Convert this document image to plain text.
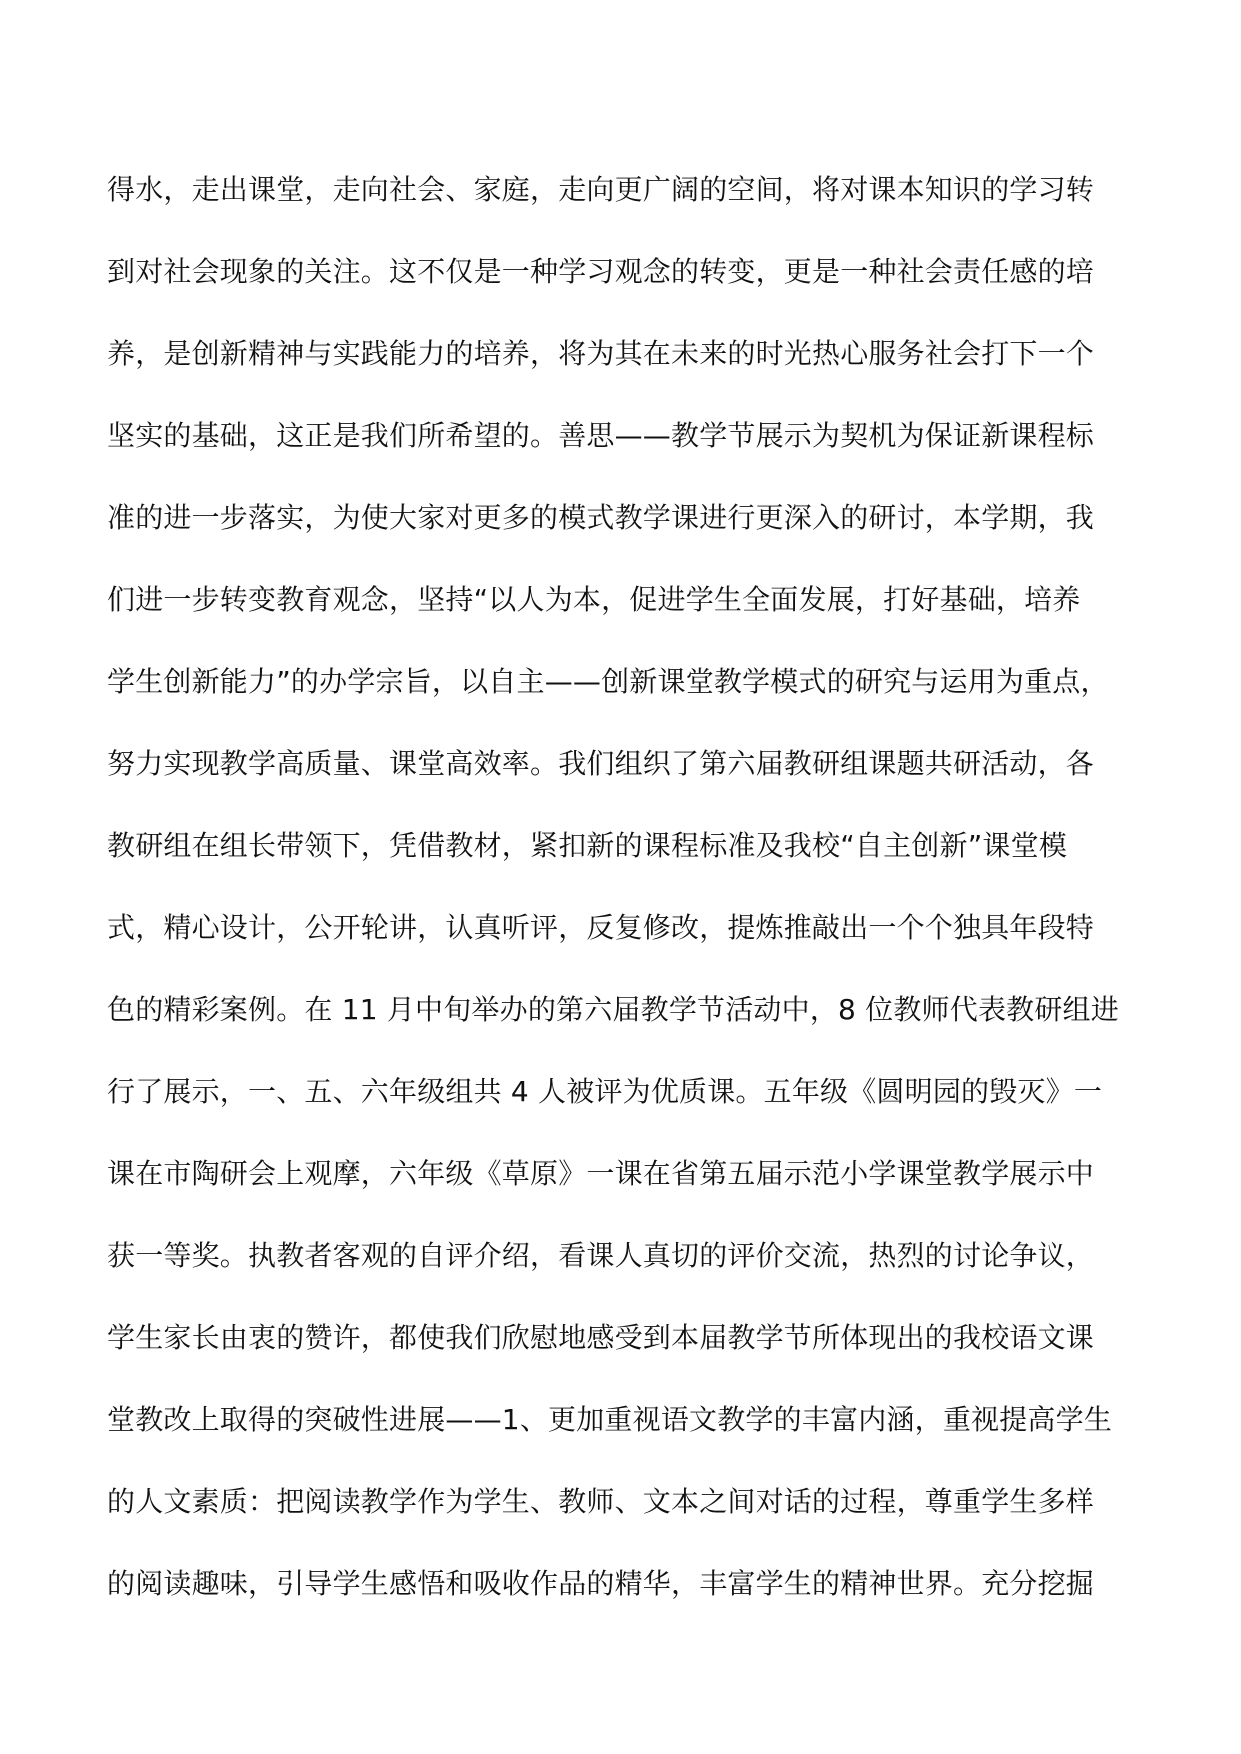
得水，走出课堂，走向社会、家庭，走向更广阔的空间，将对课本知识的学习转
到对社会现象的关注。这不仅是一种学习观念的转变，更是一种社会责任感的培
养，是创新精神与实践能力的培养，将为其在未来的时光热心服务社会打下一个
坚实的基础，这正是我们所希望的。善思——教学节展示为契机为保证新课程标
准的进一步落实，为使大家对更多的模式教学课进行更深入的研讨，本学期，我
们进一步转变教育观念，坚持“以人为本，促进学生全面发展，打好基础，培养
学生创新能力”的办学宗旨，以自主——创新课堂教学模式的研究与运用为重点，
努力实现教学高质量、课堂高效率。我们组织了第六届教研组课题共研活动，各
教研组在组长带领下，凭借教材，紧扣新的课程标准及我校“自主创新”课堂模
式，精心设计，公开轮讲，认真听评，反复修改，提炼推敲出一个个独具年段特
色的精彩案例。在 11 月中旬举办的第六届教学节活动中，8 位教师代表教研组进
行了展示，一、五、六年级组共 4 人被评为优质课。五年级《圆明园的毁灭》一
课在市陶研会上观摩，六年级《草原》一课在省第五届示范小学课堂教学展示中
获一等奖。执教者客观的自评介绍，看课人真切的评价交流，热烈的讨论争议，
学生家长由衷的赞许，都使我们欣慰地感受到本届教学节所体现出的我校语文课
堂教改上取得的突破性进展——1、更加重视语文教学的丰富内涵，重视提高学生
的人文素质：把阅读教学作为学生、教师、文本之间对话的过程，尊重学生多样
的阅读趣味，引导学生感悟和吸收作品的精华，丰富学生的精神世界。充分挖掘
